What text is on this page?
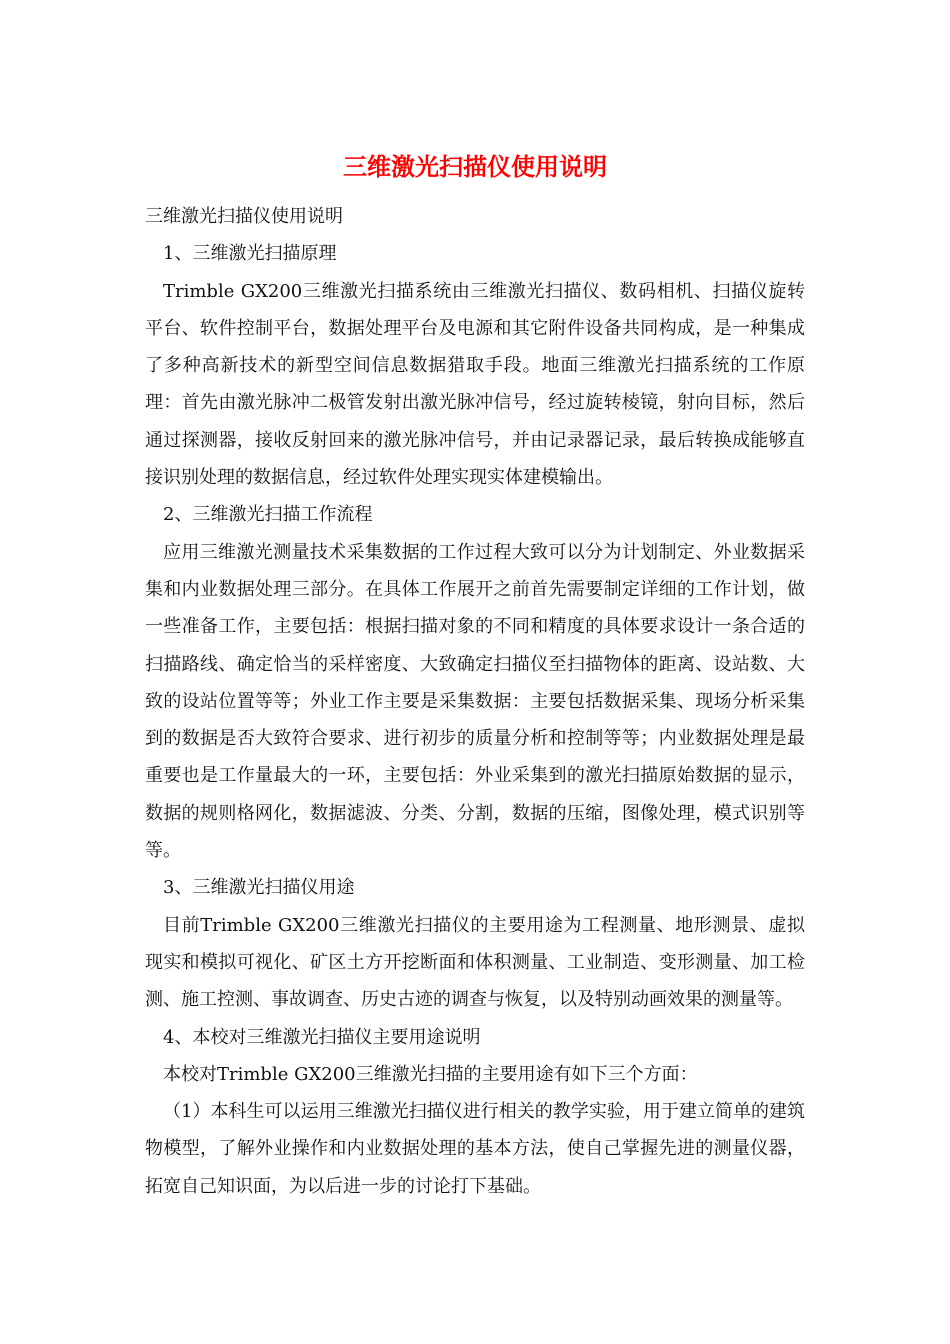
三维激光扫描仪使用说明

三维激光扫描仪使用说明

1、三维激光扫描原理

Trimble GX200三维激光扫描系统由三维激光扫描仪、数码相机、扫描仪旋转平台、软件控制平台，数据处理平台及电源和其它附件设备共同构成，是一种集成了多种高新技术的新型空间信息数据猎取手段。地面三维激光扫描系统的工作原理：首先由激光脉冲二极管发射出激光脉冲信号，经过旋转棱镜，射向目标，然后通过探测器，接收反射回来的激光脉冲信号，并由记录器记录，最后转换成能够直接识别处理的数据信息，经过软件处理实现实体建模输出。

2、三维激光扫描工作流程

应用三维激光测量技术采集数据的工作过程大致可以分为计划制定、外业数据采集和内业数据处理三部分。在具体工作展开之前首先需要制定详细的工作计划，做一些准备工作，主要包括：根据扫描对象的不同和精度的具体要求设计一条合适的扫描路线、确定恰当的采样密度、大致确定扫描仪至扫描物体的距离、设站数、大致的设站位置等等；外业工作主要是采集数据：主要包括数据采集、现场分析采集到的数据是否大致符合要求、进行初步的质量分析和控制等等；内业数据处理是最重要也是工作量最大的一环，主要包括：外业采集到的激光扫描原始数据的显示，数据的规则格网化，数据滤波、分类、分割，数据的压缩，图像处理，模式识别等等。

3、三维激光扫描仪用途

目前Trimble GX200三维激光扫描仪的主要用途为工程测量、地形测景、虚拟现实和模拟可视化、矿区土方开挖断面和体积测量、工业制造、变形测量、加工检测、施工控测、事故调查、历史古迹的调查与恢复，以及特别动画效果的测量等。

4、本校对三维激光扫描仪主要用途说明

本校对Trimble GX200三维激光扫描的主要用途有如下三个方面：

（1）本科生可以运用三维激光扫描仪进行相关的教学实验，用于建立简单的建筑物模型，了解外业操作和内业数据处理的基本方法，使自己掌握先进的测量仪器，拓宽自己知识面，为以后进一步的讨论打下基础。
